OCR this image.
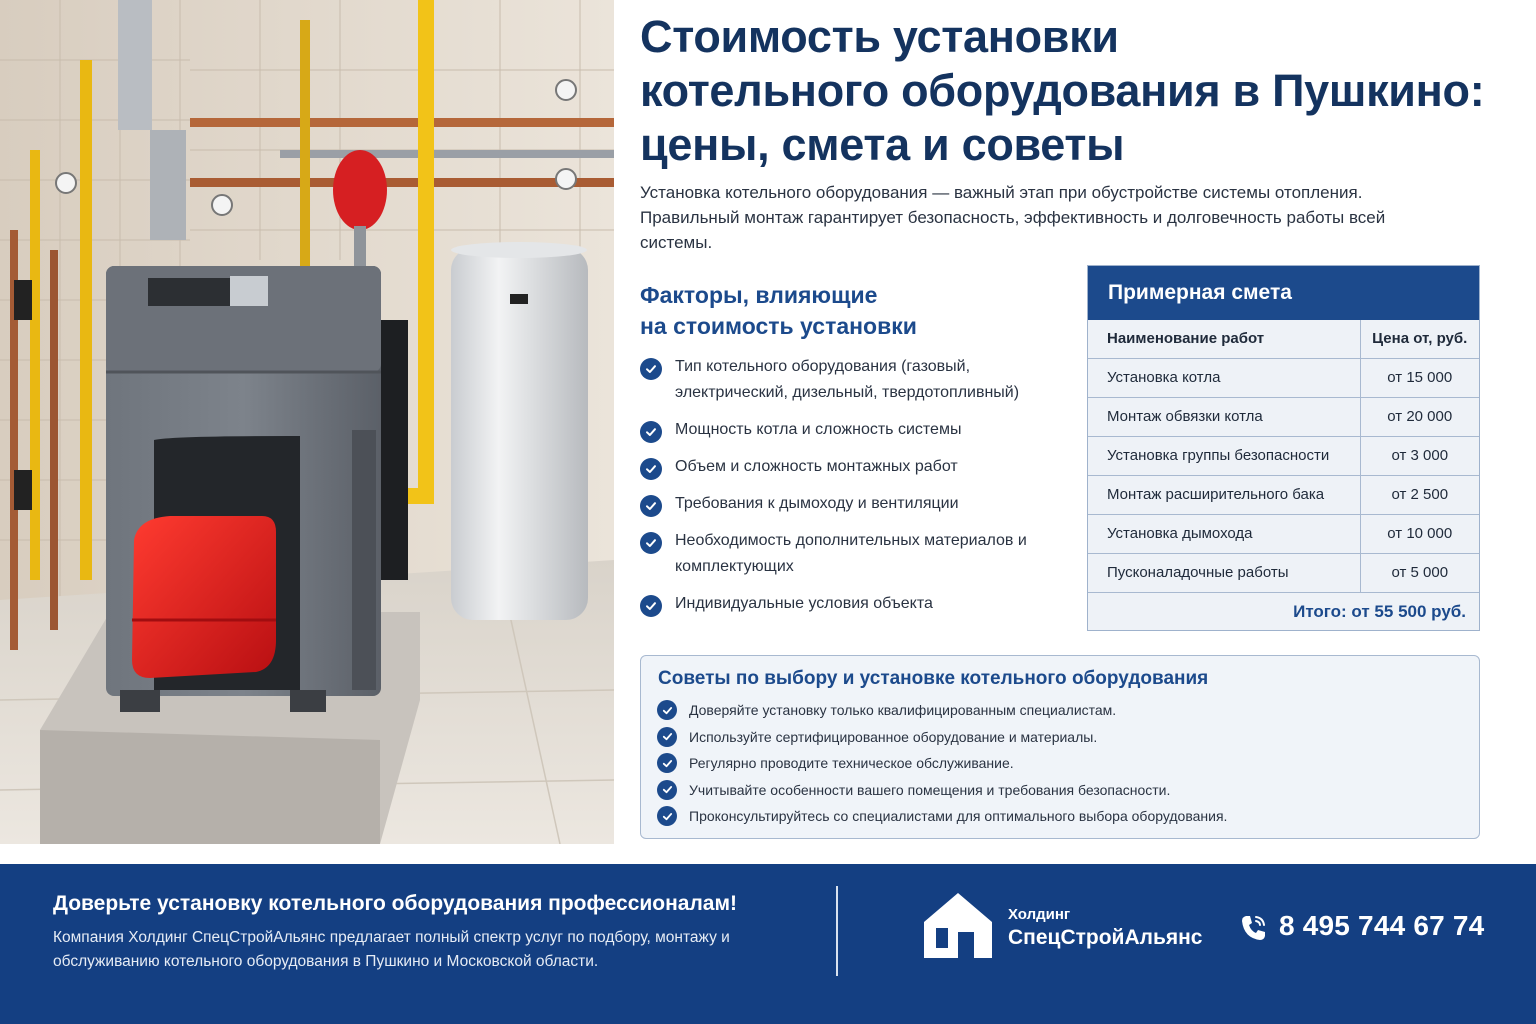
Стоимость установки
котельного оборудования в Пушкино:
цены, смета и советы

Установка котельного оборудования — важный этап при обустройстве системы отопления. Правильный монтаж гарантирует безопасность, эффективность и долговечность работы всей системы.

Факторы, влияющие
на стоимость установки
Тип котельного оборудования (газовый, электрический, дизельный, твердотопливный)
Мощность котла и сложность системы
Объем и сложность монтажных работ
Требования к дымоходу и вентиляции
Необходимость дополнительных материалов и комплектующих
Индивидуальные условия объекта
Примерная смета
Наименование работ	Цена от, руб.
Установка котла	от 15 000
Монтаж обвязки котла	от 20 000
Установка группы безопасности	от 3 000
Монтаж расширительного бака	от 2 500
Установка дымохода	от 10 000
Пусконаладочные работы	от 5 000
Итого: от 55 500 руб.
Советы по выбору и установке котельного оборудования
Доверяйте установку только квалифицированным специалистам.
Используйте сертифицированное оборудование и материалы.
Регулярно проводите техническое обслуживание.
Учитывайте особенности вашего помещения и требования безопасности.
Проконсультируйтесь со специалистами для оптимального выбора оборудования.
Доверьте установку котельного оборудования профессионалам!
Компания Холдинг СпецСтройАльянс предлагает полный спектр услуг по подбору, монтажу и обслуживанию котельного оборудования в Пушкино и Московской области.
Холдинг
СпецСтройАльянс	8 495 744 67 74
